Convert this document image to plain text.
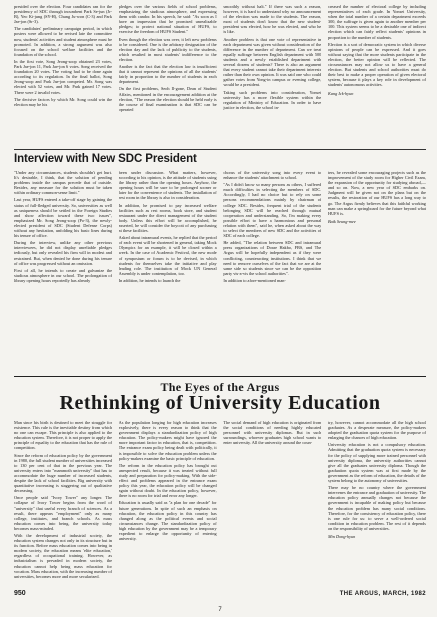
presided over the election. Four candidates ran for the presidency of SDC through incumbent Park Se-jun (Jr-B), Yeo Ki-jung (SY-H), Chung Ju-won (C-3) and Park Jae-jon (Sr-3).

The candidates' preliminary campaign period, in which posters were allowed to be revised late the committee now, students' activities and student atmosphere must be promoted. In addition, a strong argument was also focused on the school welfare facilities and the foundation of the school.

In the first vote, Song Jeong-soop obtained 23 votes, Park Jae-jon 11, Park Jae-jon 6 votes. Song received the foundation 20 votes. The voting had to be done again according to its regulation. In the final ballot, Song Jeong-soop and Park Jae-jon competed. Mr. Song was elected with 52 votes, and Mr. Park gained 17 votes. There were 2 invalid votes.

The decisive factors by which Mr. Song could win the election may be his

pledges over the various fields of school problems, emphasizing the studious atmosphere, and expressing them with candor. In his speech, he said: "As soon as I have an impression that he promised unrealizable pledges; to protect national situation of HUFS, to exercise the freedom of HUFS Student."

Even though the election was over, it left new problems to be considered. One is the arbitrary designation of the election day and the lack of publicity to the students, which resulted in most students' indifference to the election.

Another is the fact that the election law is insufficient that it cannot represent the opinions of all the students' fairly in proportion to the number of students in each department.

On the first problems, Seoh Il-gone, Dean of Student Affairs, mentioned in the encouragement addition at the election, "The reason the election should be held early is the course of final examination is that SDC can be operated

smoothly without halt." If there was such a reason, however, it is hard to understand why no announcement of the election was made to the students. The reason, most of students don't know that the new student-president was elected, how he was elected, and who he is like.

Another problem is that one vote of representative in each department was given without consideration of the difference in the number of department. Can we treat equally suffrage between English department with 500 students and a newly established department with several dozens of students? There is also an argument that every student cannot take their department interests rather than their own opinion. It was said one who could gather votes from Yong-in campus or evening college, would be a president.

Taking such problems into consideration, Yonsei university has a more flexible system within the regulation of Ministry of Education. In order to have justice in election, the school in-

creased the number of electoral college by including representatives of each grade. In Yonsei University, when the total number of a certain department exceeds 300, the suffrage is given again to another member per 100. This system seems to be a desirable one of indirect election which can fairly reflect students' opinions in proportion to the number of students.

Election is a sort of democratic system in which diverse opinions of people can be expressed. And it goes without saying that the more students participate in the election, the better opinion will be reflected. The circumstances may not allow us to have a general election. But students and school authorities must do their best to make a proper operation of given electoral system, because it plays a key role in development of students' autonomous activities.

Kang Ick-hyun

Interview with New SDC President

"Under any circumstances, students shouldn't get hurt. It's desirable, I think, that the solution of pending problems inside the campus precede that of outside. Besides, any measure for the solution must be taken within ordinary common-sense limit."

Last year, HUFS entered a take-off stage by gaining the status of full-fledged university. So, universities as well as uniqueness should be settled in the Foreign Studies and show affection toward these two issues", emphasized Mr. Song Jeong-soop (Po-3), the newly-elected president of SDC (Student Defense Corps) without any hesitation, unfolding his basic lines during his tenure of office.

During the interview, unlike any other previous interviewees, he did not display unreliable pledges tediously, but only revealed his firm will in modest and restrained. But, when denied he done during his tenure of office was progressed without an omission.

First of all, he intends to create and galvanize the studious atmosphere in our school. The prolongation of library opening hours reportedly has already

been under discussion. What matters, however, according to his opinion, is the attitude of students using the library rather than the opening hours. Anyhow, the opening hours will be sure to be prolonged sooner or later for the convenience of students. The installation of rest room in the library is also in consideration.

In addition, he promised to pay increased welfare facilities such as rest rooms, book store, and student restaurant under the direct management of the student body. Unless this effort will be accomplished, he asserted, he will consider the boycott of any purchasing at these facilities.

Asked about intramural events, he replied that the period of each event will be shortened in general, taking Mock Olympics for an example, it will be closed within a week. In the case of Academic Festival, the new mode of symposium or forum is to be devised, in which students for themselves take the initiative and play leading role. The institution of Mock UN General Assembly is under contemplation, too.

In addition, he intends to launch the

chorus of the university song into every event to enhance the students' attachment to school.

"As I didn't know so many persons as others, I suffered much difficulties in selecting the members of SDC. Accordingly, I had no choice but to rely on some persons recommendations mainly by chairman of college SDC. Besides, frequent trial of the students belonging SDC will be reached through mutual cooperation and understanding. So, I'm making every possible effort to have a harmonious and personal relation with them", said he, when asked about the way to select the members of new SDC and the activities of SDC of each college.

He added, "The relation between SDC and intramural press organizations of Dorae Hakbo, FBS, and The Argus will be hopefully independent as if they were conflicting, counteracting institutions. I think that we need to remove ourselves of the fact that we are at the same side so students since we can be the opposition party vis-a-vis the school authorities".

In addition to afore-mentioned man-

ters, he revealed some encouraging projects such as the improvement of the study room for Higher Civil Exam, the expansion of the opportunity for studying abroad,—and so on. Now, a new year of SDC embarks on. Judgment will be given not on the plans but on the results, the restoration of our HUFS has a long way to go. The Argus firmly believes that this faithful working man can make a springboard for the future beyond what HUFS is.

Baik Seung-mee

The Eyes of the Argus
Rethinking of University Education

Man since his birth is destined to meet the struggle for existence. This rule is the inevitable destiny from which no one can escape. This principle is also applied to the education system. Therefore, it is not proper to apply the principle of equality to the education that has the rule of competition.

Since the reform of education policy by the government in 1980, the full student number of universities increased to 130 per cent of that in the previous year. The university enters into "mammoth university" that has to accommodate the huge number of increased students, despite the lack of school facilities. Big university with quantitative increasing is staggering out of qualitative decreasing.

Once people said "Ivory Tower" any longer. The collapse of Ivory Tower begins from the word of "university" that useful every branch of sciences. As a result, there appears "employment" only as many college, institutes, and branch schools. As mass education comes into being, the university today becomes mass-minded.

With the development of industrial society, the education system changes not only in its structure but in its function. Before mass education comes into being in modern society, the education means 'elite education,' regardless of occupational training. However, as industrialism is pervaded in modern society, the education cannot help being mass education for vocation. Mass education, with the increasing number of universities, becomes more and more secularized.

As the population longing for high education increases explosively, there is every reason to think that the government displays a standardization policy of high education. The policy-makers might have ignored the more important factor in education, that is, competition. The entrance exam policy being dealt with politically, it is impossible to solve the education problem unless the policy-makers examine the basic principle of education.

The reform in the education policy has brought out unexpected result, because it was treated without full study and preparation for policy-making. With the side-effect and problems appeared in the entrance exam policy this year, the education policy will be changed again without doubt. In the education policy, however, there is no room for trial and error any longer.

Education is usually said as "a plan for one decade" for future generations. In spite of such an emphasis on education, the education policy in this country has changed along as the political events and social circumstances change. The standardization policy of high education by the government may be a temporary expedient to enlarge the opportunity of entering university.

The social demand of high education is originated from the social conditions of needing highly educated personnel with university diplomas. But in such surroundings, whoever graduates high school wants to enter university. All the university around the coun-

try, however, cannot accommodate all the high school graduates. As a desperate measure, the policy-makers adopted the graduation quota system for the purpose of enlarging the chances of high education.

University education is not a compulsory education. Admitting that the graduation quota system is necessary for the policy of supplying more trained personnel with university diploma, the university authorities cannot give all the graduates university diploma. Though the graduation quota system was at first made by the government as the reform of education, the details of the system belong to the autonomy of universities.

There may be no country where the government intervenes the entrance and graduation of university. The education policy annually changes not because the government is incapable of making policy but because the education problem has many social conditions. Therefore, for the consistency of education policy, there is one rule for us: to serve a well-ordered social condition in education problem. The rest of it depends on the responsibility of universities.

Min Dong-hyun

950	THE ARGUS, MARCH, 1982
7
